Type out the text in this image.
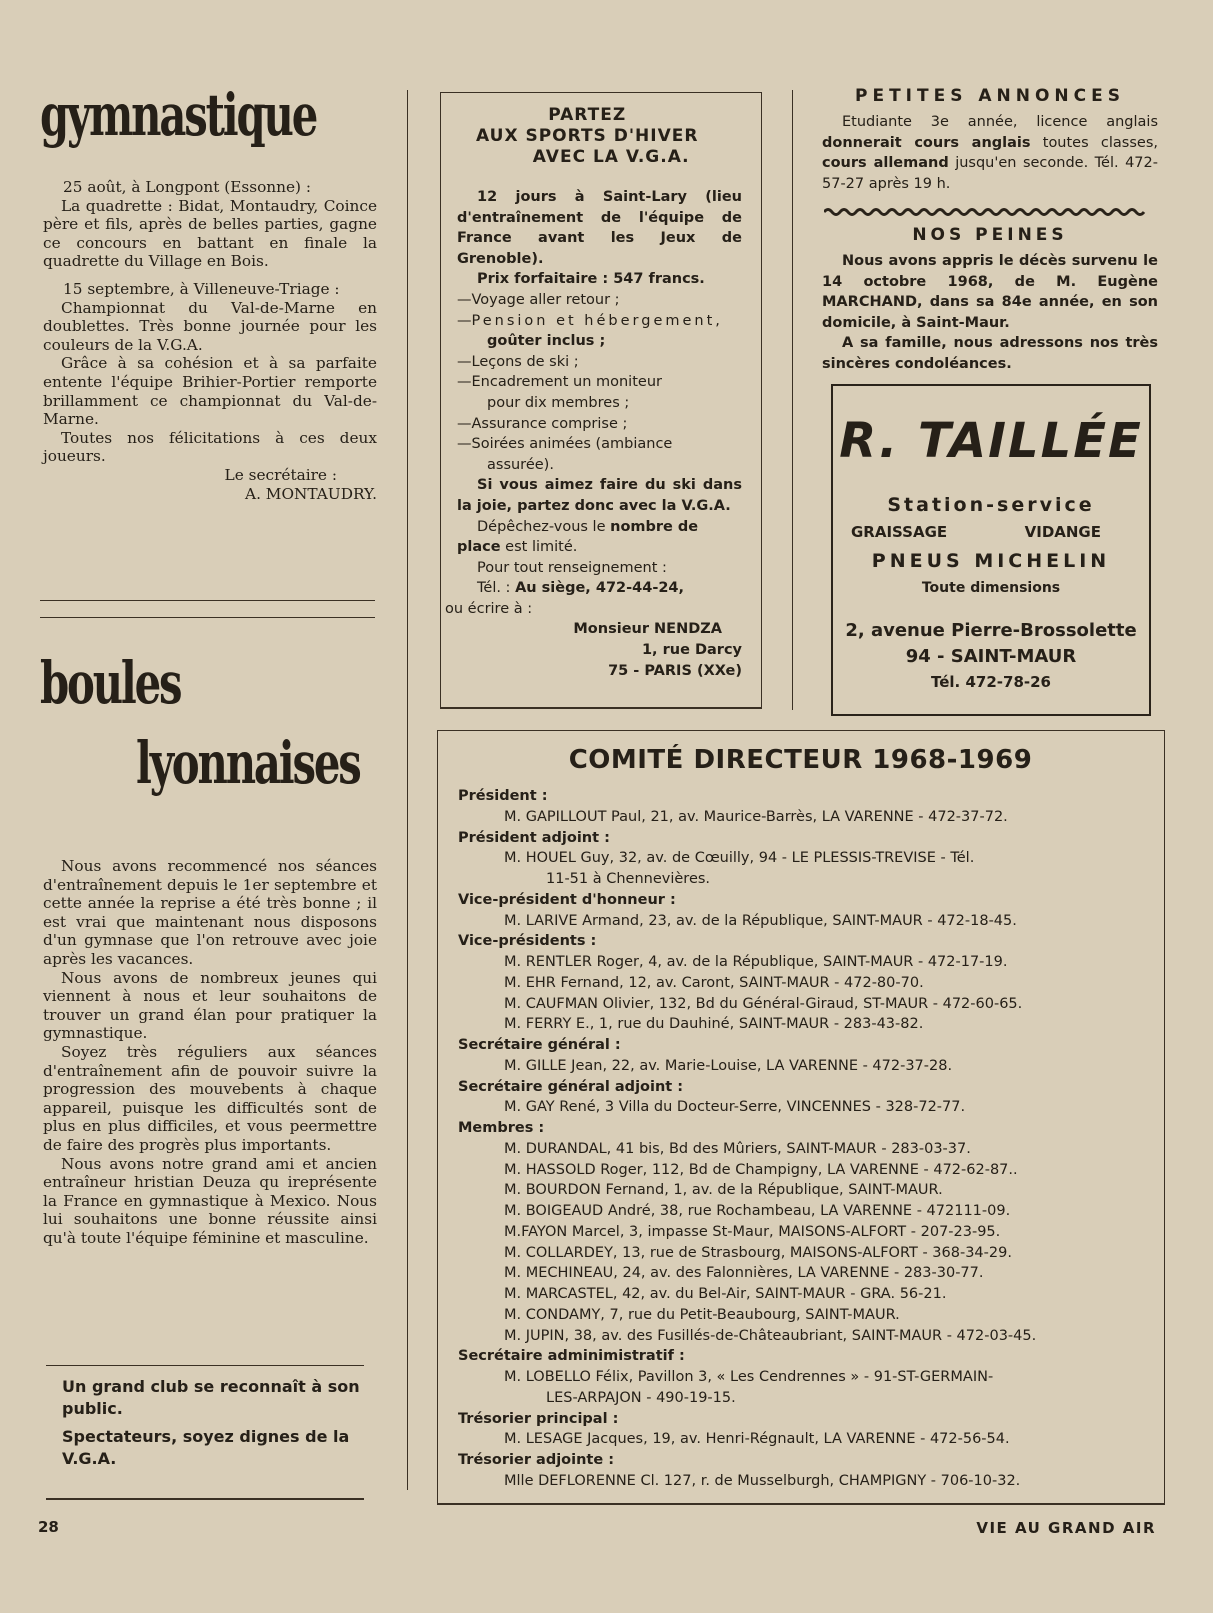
gymnastique

25 août, à Longpont (Essonne) :

La quadrette : Bidat, Montaudry, Coince père et fils, après de belles parties, gagne ce concours en battant en finale la quadrette du Village en Bois.

15 septembre, à Villeneuve-Triage :

Championnat du Val-de-Marne en doublettes. Très bonne journée pour les couleurs de la V.G.A.

Grâce à sa cohésion et à sa parfaite entente l'équipe Brihier-Portier remporte brillamment ce championnat du Val-de-Marne.

Toutes nos félicitations à ces deux joueurs.

Le secrétaire :

A. MONTAUDRY.

boules
lyonnaises

Nous avons recommencé nos séances d'entraînement depuis le 1er septembre et cette année la reprise a été très bonne ; il est vrai que maintenant nous disposons d'un gymnase que l'on retrouve avec joie après les vacances.

Nous avons de nombreux jeunes qui viennent à nous et leur souhaitons de trouver un grand élan pour pratiquer la gymnastique.

Soyez très réguliers aux séances d'entraînement afin de pouvoir suivre la progression des mouvebents à chaque appareil, puisque les difficultés sont de plus en plus difficiles, et vous peermettre de faire des progrès plus importants.

Nous avons notre grand ami et ancien entraîneur hristian Deuza qu ireprésente la France en gymnastique à Mexico. Nous lui souhaitons une bonne réussite ainsi qu'à toute l'équipe féminine et masculine.

Un grand club se reconnaît à son public.

Spectateurs, soyez dignes de la V.G.A.

PARTEZ
AUX SPORTS D'HIVER
AVEC LA V.G.A.

12 jours à Saint-Lary (lieu d'entraînement de l'équipe de France avant les Jeux de Grenoble).

Prix forfaitaire : 547 francs.

—Voyage aller retour ;

—Pension et hébergement,

goûter inclus ;

—Leçons de ski ;

—Encadrement un moniteur

pour dix membres ;

—Assurance comprise ;

—Soirées animées (ambiance

assurée).

Si vous aimez faire du ski dans la joie, partez donc avec la V.G.A.

Dépêchez-vous le nombre de place est limité.

Pour tout renseignement :

Tél. : Au siège, 472-44-24,

ou écrire à :

Monsieur NENDZA

1, rue Darcy

75 - PARIS (XXe)

PETITES ANNONCES

Etudiante 3e année, licence anglais donnerait cours anglais toutes classes, cours allemand jusqu'en seconde. Tél. 472-57-27 après 19 h.

NOS PEINES

Nous avons appris le décès survenu le 14 octobre 1968, de M. Eugène MARCHAND, dans sa 84e année, en son domicile, à Saint-Maur.

A sa famille, nous adressons nos très sincères condoléances.

R. TAILLÉE
Station-service
GRAISSAGE	VIDANGE
PNEUS MICHELIN
Toute dimensions
2, avenue Pierre-Brossolette
94 - SAINT-MAUR
Tél. 472-78-26
COMITÉ DIRECTEUR 1968-1969
Président :
M. GAPILLOUT Paul, 21, av. Maurice-Barrès, LA VARENNE - 472-37-72.
Président adjoint :
M. HOUEL Guy, 32, av. de Cœuilly, 94 - LE PLESSIS-TREVISE - Tél.
11-51 à Chennevières.
Vice-président d'honneur :
M. LARIVE Armand, 23, av. de la République, SAINT-MAUR - 472-18-45.
Vice-présidents :
M. RENTLER Roger, 4, av. de la République, SAINT-MAUR - 472-17-19.
M. EHR Fernand, 12, av. Caront, SAINT-MAUR - 472-80-70.
M. CAUFMAN Olivier, 132, Bd du Général-Giraud, ST-MAUR - 472-60-65.
M. FERRY E., 1, rue du Dauhiné, SAINT-MAUR - 283-43-82.
Secrétaire général :
M. GILLE Jean, 22, av. Marie-Louise, LA VARENNE - 472-37-28.
Secrétaire général adjoint :
M. GAY René, 3 Villa du Docteur-Serre, VINCENNES - 328-72-77.
Membres :
M. DURANDAL, 41 bis, Bd des Mûriers, SAINT-MAUR - 283-03-37.
M. HASSOLD Roger, 112, Bd de Champigny, LA VARENNE - 472-62-87..
M. BOURDON Fernand, 1, av. de la République, SAINT-MAUR.
M. BOIGEAUD André, 38, rue Rochambeau, LA VARENNE - 472111-09.
M.FAYON Marcel, 3, impasse St-Maur, MAISONS-ALFORT - 207-23-95.
M. COLLARDEY, 13, rue de Strasbourg, MAISONS-ALFORT - 368-34-29.
M. MECHINEAU, 24, av. des Falonnières, LA VARENNE - 283-30-77.
M. MARCASTEL, 42, av. du Bel-Air, SAINT-MAUR - GRA. 56-21.
M. CONDAMY, 7, rue du Petit-Beaubourg, SAINT-MAUR.
M. JUPIN, 38, av. des Fusillés-de-Châteaubriant, SAINT-MAUR - 472-03-45.
Secrétaire adminimistratif :
M. LOBELLO Félix, Pavillon 3, « Les Cendrennes » - 91-ST-GERMAIN-
LES-ARPAJON - 490-19-15.
Trésorier principal :
M. LESAGE Jacques, 19, av. Henri-Régnault, LA VARENNE - 472-56-54.
Trésorier adjointe :
Mlle DEFLORENNE Cl. 127, r. de Musselburgh, CHAMPIGNY - 706-10-32.
28	VIE AU GRAND AIR
